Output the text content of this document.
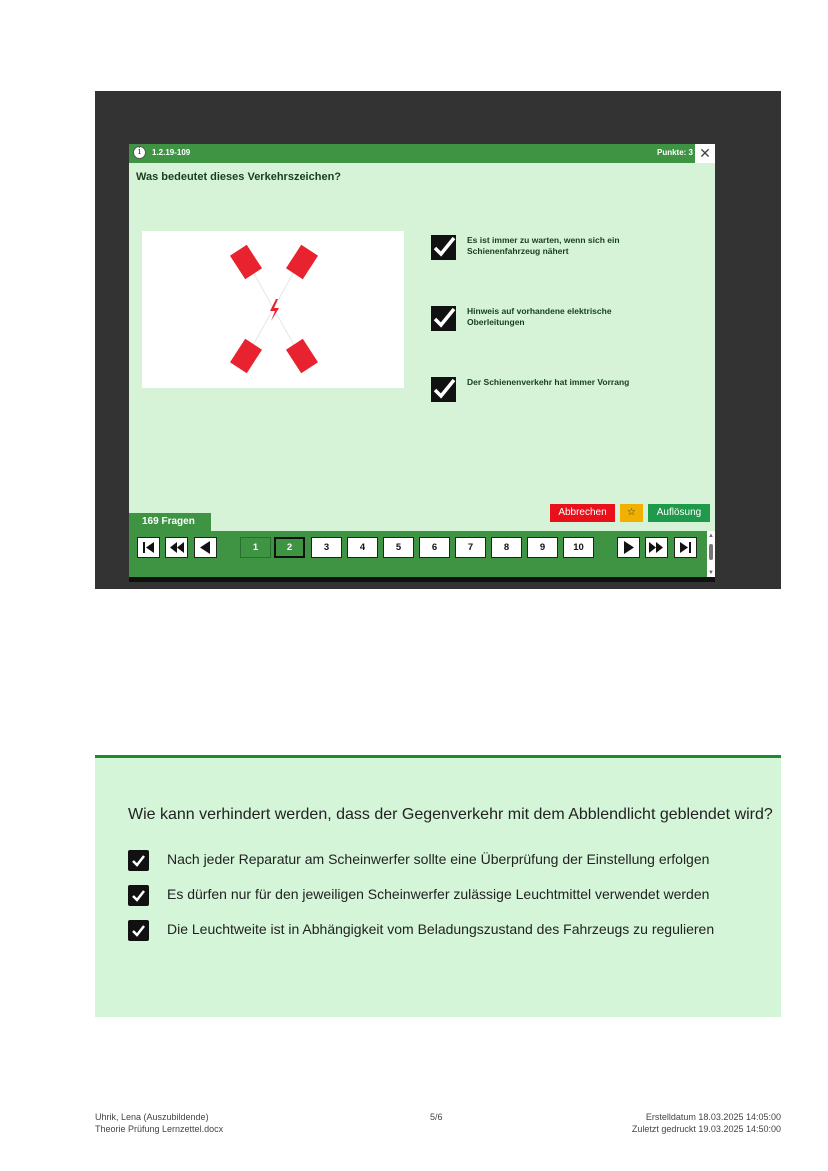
i	1.2.19-109	Punkte: 3 ✕
Was bedeutet dieses Verkehrszeichen?
Es ist immer zu warten, wenn sich ein Schienenfahrzeug nähert
Hinweis auf vorhandene elektrische Oberleitungen
Der Schienenverkehr hat immer Vorrang
Abbrechen	☆	Auflösung
169 Fragen
1	2	3	4	5	6	7	8	9	10
▲
▼
Wie kann verhindert werden, dass der Gegenverkehr mit dem Abblendlicht geblendet wird?
Nach jeder Reparatur am Scheinwerfer sollte eine Überprüfung der Einstellung erfolgen
Es dürfen nur für den jeweiligen Scheinwerfer zulässige Leuchtmittel verwendet werden
Die Leuchtweite ist in Abhängigkeit vom Beladungszustand des Fahrzeugs zu regulieren
Uhrik, Lena (Auszubildende)
Theorie Prüfung Lernzettel.docx
5/6	Erstelldatum 18.03.2025 14:05:00
Zuletzt gedruckt 19.03.2025 14:50:00
